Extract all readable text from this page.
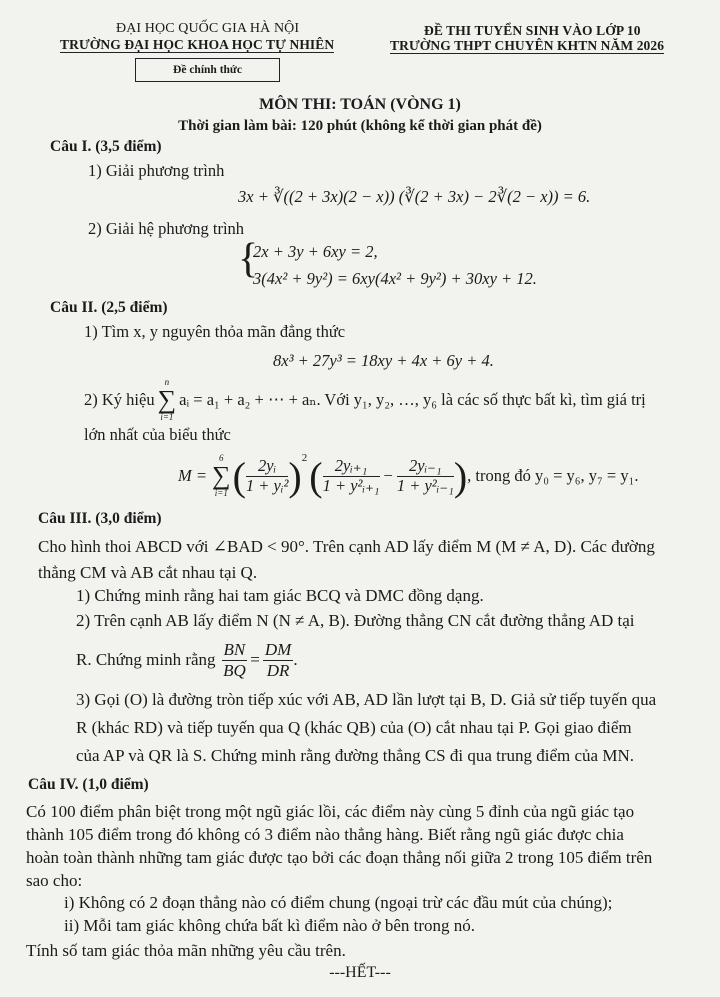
ĐẠI HỌC QUỐC GIA HÀ NỘI
TRƯỜNG ĐẠI HỌC KHOA HỌC TỰ NHIÊN
Đề chính thức
ĐỀ THI TUYỂN SINH VÀO LỚP 10
TRƯỜNG THPT CHUYÊN KHTN NĂM 2026
MÔN THI: TOÁN (VÒNG 1)
Thời gian làm bài: 120 phút (không kể thời gian phát đề)
Câu I. (3,5 điểm)
1) Giải phương trình
3x + ∛((2 + 3x)(2 − x)) (∛(2 + 3x) − 2∛(2 − x)) = 6.
2) Giải hệ phương trình
{
2x + 3y + 6xy = 2,
3(4x² + 9y²) = 6xy(4x² + 9y²) + 30xy + 12.
Câu II. (2,5 điểm)
1) Tìm x, y nguyên thỏa mãn đẳng thức
8x³ + 27y³ = 18xy + 4x + 6y + 4.
2) Ký hiệu
n
∑
i=1
aᵢ = a₁ + a₂ + ⋯ + aₙ. Với y₁, y₂, …, y₆ là các số thực bất kì, tìm giá trị
lớn nhất của biểu thức
M =
6
∑
i=1 ( $\frac{\text{2yᵢ}}{\text{1 + yᵢ²}}$ ) 2 ( $\frac{\text{2yᵢ₊₁}}{\text{1 + y²ᵢ₊₁}} - \frac{\text{2yᵢ₋₁}}{\text{1 + y²ᵢ₋₁}}$ ) , trong đó y₀ = y₆, y₇ = y₁.
Câu III. (3,0 điểm)
Cho hình thoi ABCD với ∠BAD < 90°. Trên cạnh AD lấy điểm M (M ≠ A, D). Các đường
thẳng CM và AB cắt nhau tại Q.
1) Chứng minh rằng hai tam giác BCQ và DMC đồng dạng.
2) Trên cạnh AB lấy điểm N (N ≠ A, B). Đường thẳng CN cắt đường thẳng AD tại
R. Chứng minh rằng $\frac{BN}{BQ} = \frac{DM}{DR}$ .
3) Gọi (O) là đường tròn tiếp xúc với AB, AD lần lượt tại B, D. Giả sử tiếp tuyến qua
R (khác RD) và tiếp tuyến qua Q (khác QB) của (O) cắt nhau tại P. Gọi giao điểm
của AP và QR là S. Chứng minh rằng đường thẳng CS đi qua trung điểm của MN.
Câu IV. (1,0 điểm)
Có 100 điểm phân biệt trong một ngũ giác lồi, các điểm này cùng 5 đỉnh của ngũ giác tạo
thành 105 điểm trong đó không có 3 điểm nào thẳng hàng. Biết rằng ngũ giác được chia
hoàn toàn thành những tam giác được tạo bởi các đoạn thẳng nối giữa 2 trong 105 điểm trên
sao cho:
i) Không có 2 đoạn thẳng nào có điểm chung (ngoại trừ các đầu mút của chúng);
ii) Mỗi tam giác không chứa bất kì điểm nào ở bên trong nó.
Tính số tam giác thỏa mãn những yêu cầu trên.
---HẾT---
